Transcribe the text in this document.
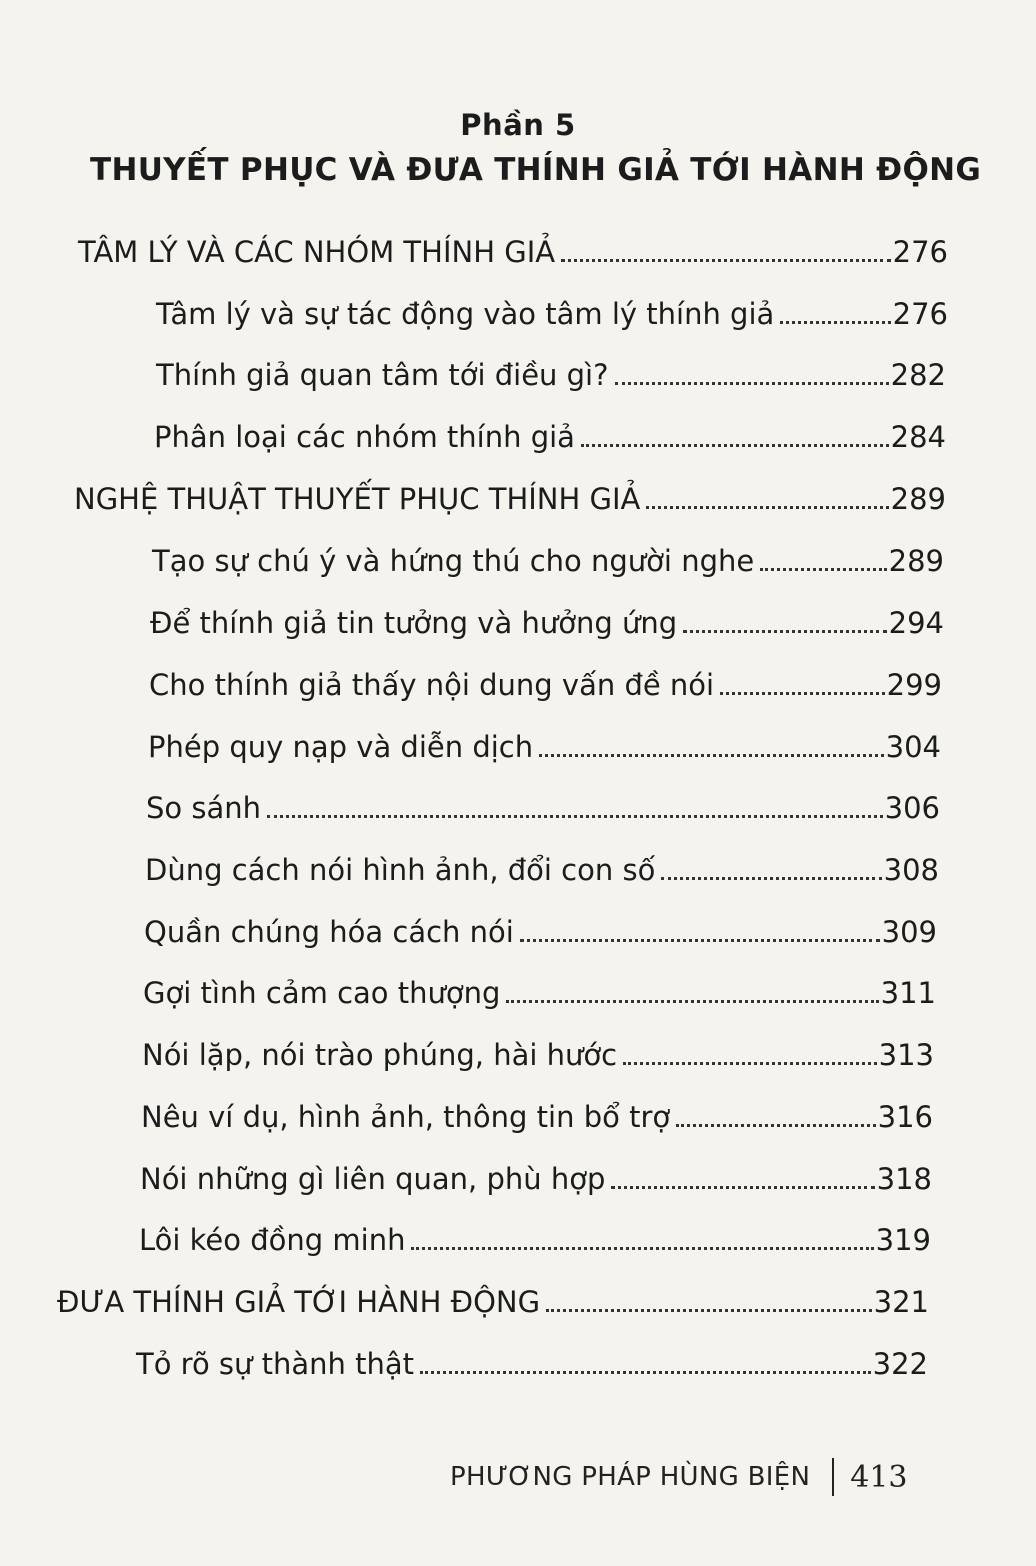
Phần 5
THUYẾT PHỤC VÀ ĐƯA THÍNH GIẢ TỚI HÀNH ĐỘNG
TÂM LÝ VÀ CÁC NHÓM THÍNH GIẢ	276
Tâm lý và sự tác động vào tâm lý thính giả	276
Thính giả quan tâm tới điều gì?	282
Phân loại các nhóm thính giả	284
NGHỆ THUẬT THUYẾT PHỤC THÍNH GIẢ	289
Tạo sự chú ý và hứng thú cho người nghe	289
Để thính giả tin tưởng và hưởng ứng	294
Cho thính giả thấy nội dung vấn đề nói	299
Phép quy nạp và diễn dịch	304
So sánh	306
Dùng cách nói hình ảnh, đổi con số	308
Quần chúng hóa cách nói	309
Gợi tình cảm cao thượng	311
Nói lặp, nói trào phúng, hài hước	313
Nêu ví dụ, hình ảnh, thông tin bổ trợ	316
Nói những gì liên quan, phù hợp	318
Lôi kéo đồng minh	319
ĐƯA THÍNH GIẢ TỚI HÀNH ĐỘNG	321
Tỏ rõ sự thành thật	322
PHƯƠNG PHÁP HÙNG BIỆN 413
